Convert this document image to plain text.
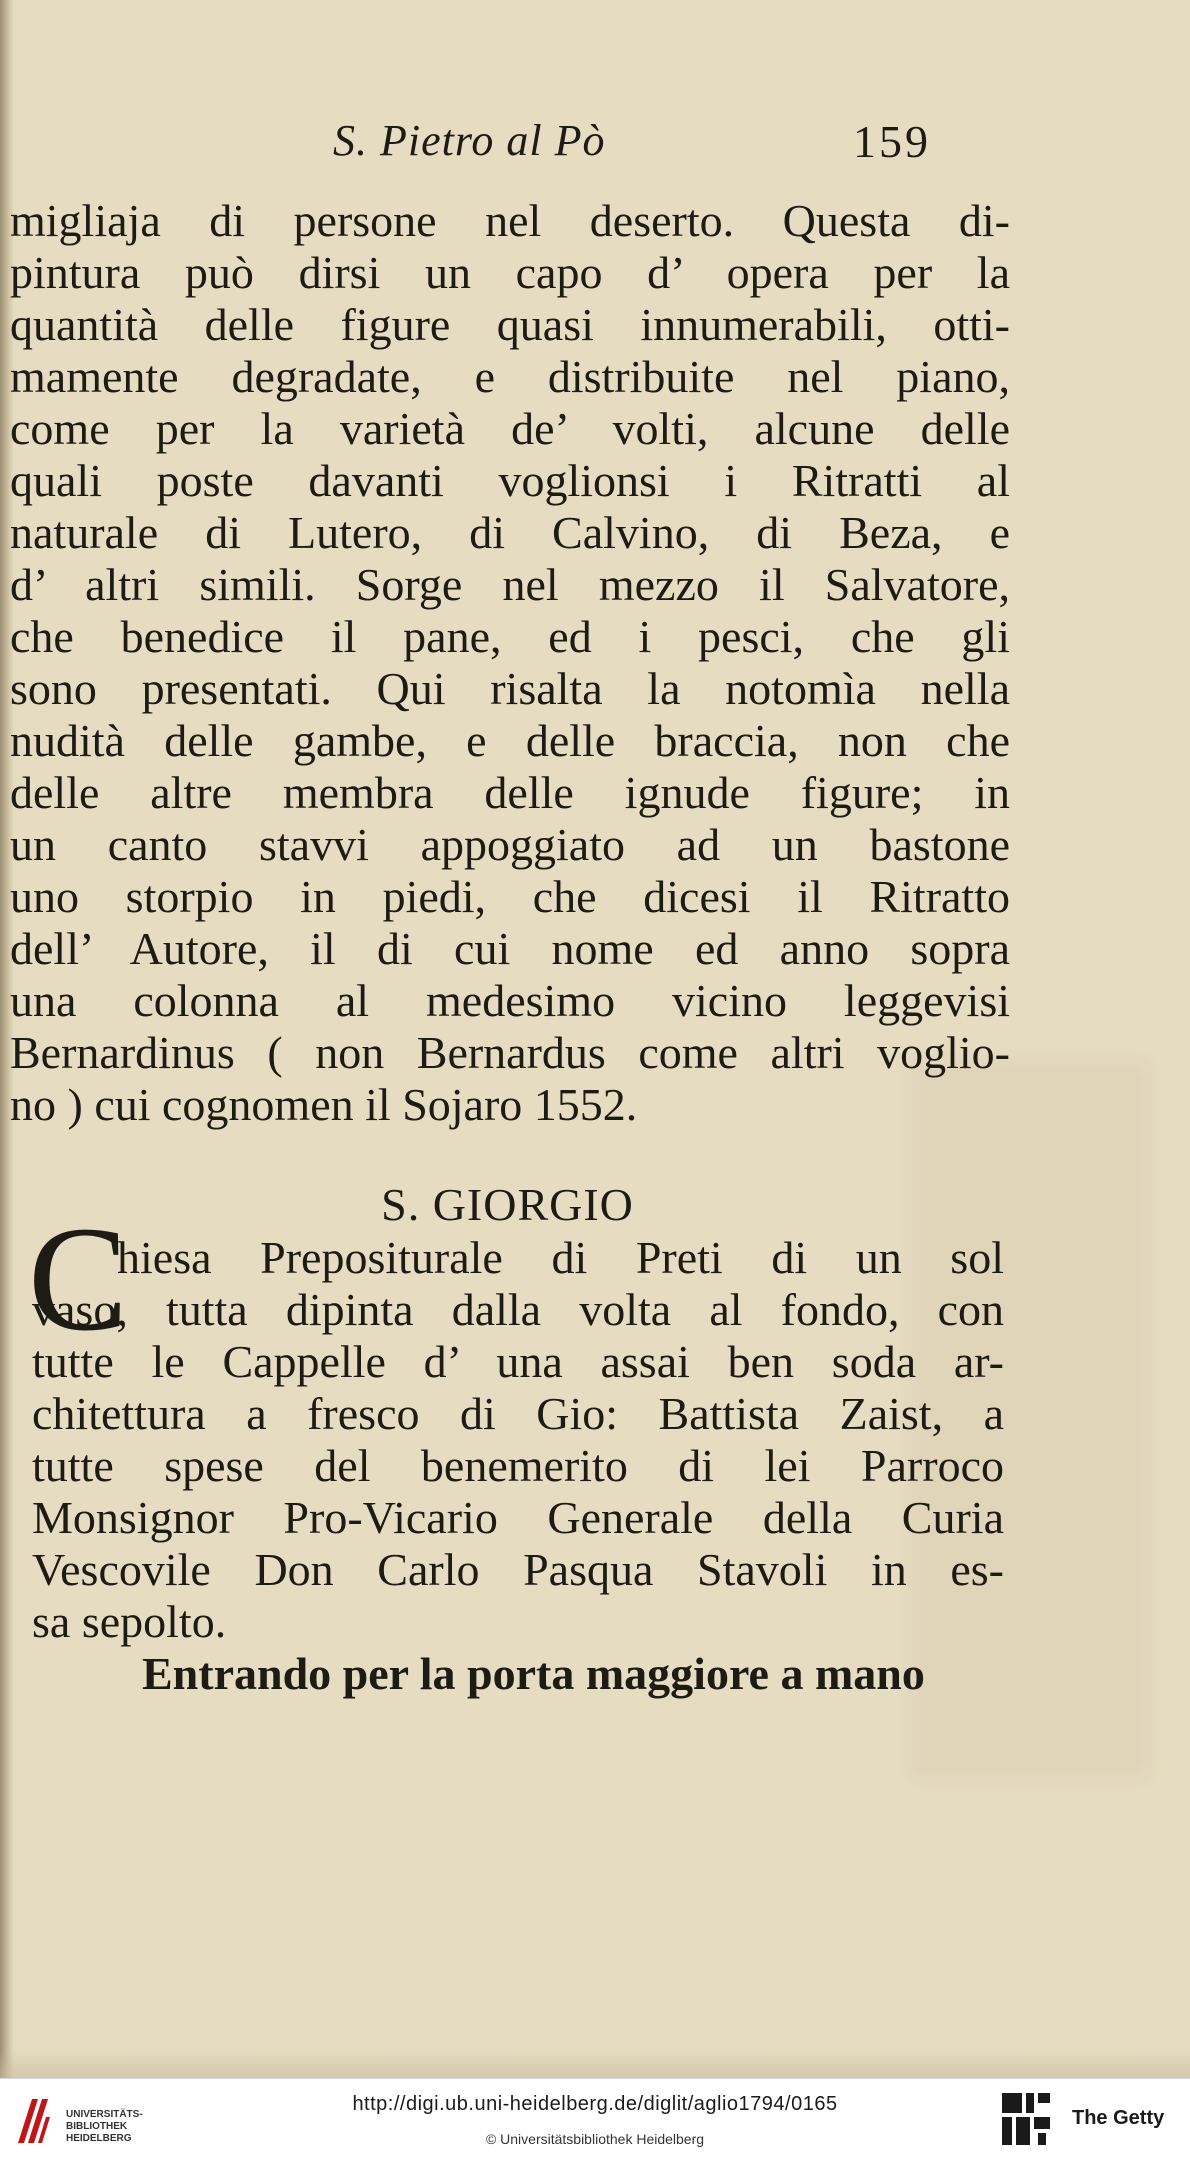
S. Pietro al Pò	159
migliaja di persone nel deserto. Questa di-
pintura può dirsi un capo d’ opera per la
quantità delle figure quasi innumerabili, otti-
mamente degradate, e distribuite nel piano,
come per la varietà de’ volti, alcune delle
quali poste davanti voglionsi i Ritratti al
naturale di Lutero, di Calvino, di Beza, e
d’ altri simili. Sorge nel mezzo il Salvatore,
che benedice il pane, ed i pesci, che gli
sono presentati. Qui risalta la notomìa nella
nudità delle gambe, e delle braccia, non che
delle altre membra delle ignude figure; in
un canto stavvi appoggiato ad un bastone
uno storpio in piedi, che dicesi il Ritratto
dell’ Autore, il di cui nome ed anno sopra
una colonna al medesimo vicino leggevisi
Bernardinus ( non Bernardus come altri voglio-
no ) cui cognomen il Sojaro 1552.
S. GIORGIO
C
hiesa Prepositurale di Preti di un sol
vaso, tutta dipinta dalla volta al fondo, con
tutte le Cappelle d’ una assai ben soda ar-
chitettura a fresco di Gio: Battista Zaist, a
tutte spese del benemerito di lei Parroco
Monsignor Pro-Vicario Generale della Curia
Vescovile Don Carlo Pasqua Stavoli in es-
sa sepolto.
Entrando per la porta maggiore a mano
UNIVERSITÄTS-
BIBLIOTHEK
HEIDELBERG
http://digi.ub.uni-heidelberg.de/diglit/aglio1794/0165
© Universitätsbibliothek Heidelberg
The Getty
